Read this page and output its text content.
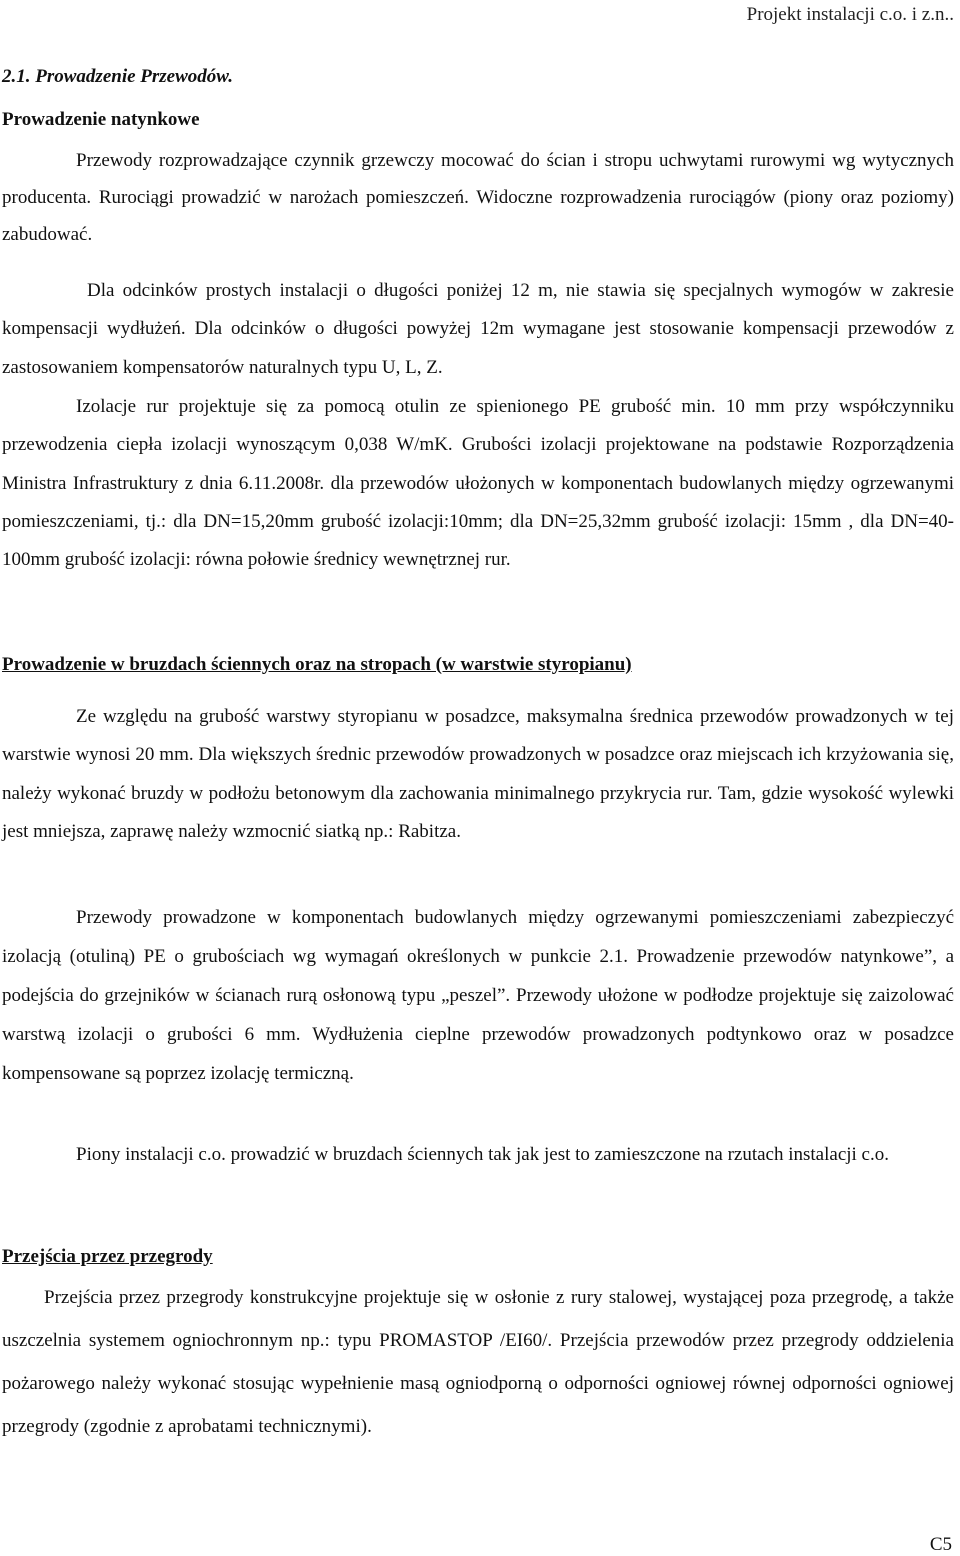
Projekt instalacji c.o. i z.n..
2.1. Prowadzenie Przewodów.
Prowadzenie natynkowe

Przewody rozprowadzające czynnik grzewczy mocować do ścian i stropu uchwytami rurowymi wg wytycznych producenta. Rurociągi prowadzić w narożach pomieszczeń. Widoczne rozprowadzenia rurociągów (piony oraz poziomy) zabudować.

Dla odcinków prostych instalacji o długości poniżej 12 m, nie stawia się specjalnych wymogów w zakresie kompensacji wydłużeń. Dla odcinków o długości powyżej 12m wymagane jest stosowanie kompensacji przewodów z zastosowaniem kompensatorów naturalnych typu U, L, Z.

Izolacje rur projektuje się za pomocą otulin ze spienionego PE grubość min. 10 mm przy współczynniku przewodzenia ciepła izolacji wynoszącym 0,038 W/mK. Grubości izolacji projektowane na podstawie Rozporządzenia Ministra Infrastruktury z dnia 6.11.2008r. dla przewodów ułożonych w komponentach budowlanych między ogrzewanymi pomieszczeniami, tj.: dla DN=15,20mm grubość izolacji:10mm; dla DN=25,32mm grubość izolacji: 15mm , dla DN=40-100mm grubość izolacji: równa połowie średnicy wewnętrznej rur.

Prowadzenie w bruzdach ściennych oraz na stropach (w warstwie styropianu)

Ze względu na grubość warstwy styropianu w posadzce, maksymalna średnica przewodów prowadzonych w tej warstwie wynosi 20 mm. Dla większych średnic przewodów prowadzonych w posadzce oraz miejscach ich krzyżowania się, należy wykonać bruzdy w podłożu betonowym dla zachowania minimalnego przykrycia rur. Tam, gdzie wysokość wylewki jest mniejsza, zaprawę należy wzmocnić siatką np.: Rabitza.

Przewody prowadzone w komponentach budowlanych między ogrzewanymi pomieszczeniami zabezpieczyć izolacją (otuliną) PE o grubościach wg wymagań określonych w punkcie 2.1. Prowadzenie przewodów natynkowe”, a podejścia do grzejników w ścianach rurą osłonową typu „peszel”. Przewody ułożone w podłodze projektuje się zaizolować warstwą izolacji o grubości 6 mm. Wydłużenia cieplne przewodów prowadzonych podtynkowo oraz w posadzce kompensowane są poprzez izolację termiczną.

Piony instalacji c.o. prowadzić w bruzdach ściennych tak jak jest to zamieszczone na rzutach instalacji c.o.

Przejścia przez przegrody

Przejścia przez przegrody konstrukcyjne projektuje się w osłonie z rury stalowej, wystającej poza przegrodę, a także uszczelnia systemem ogniochronnym np.: typu PROMASTOP /EI60/. Przejścia przewodów przez przegrody oddzielenia pożarowego należy wykonać stosując wypełnienie masą ogniodporną o odporności ogniowej równej odporności ogniowej przegrody (zgodnie z aprobatami technicznymi).

C5
